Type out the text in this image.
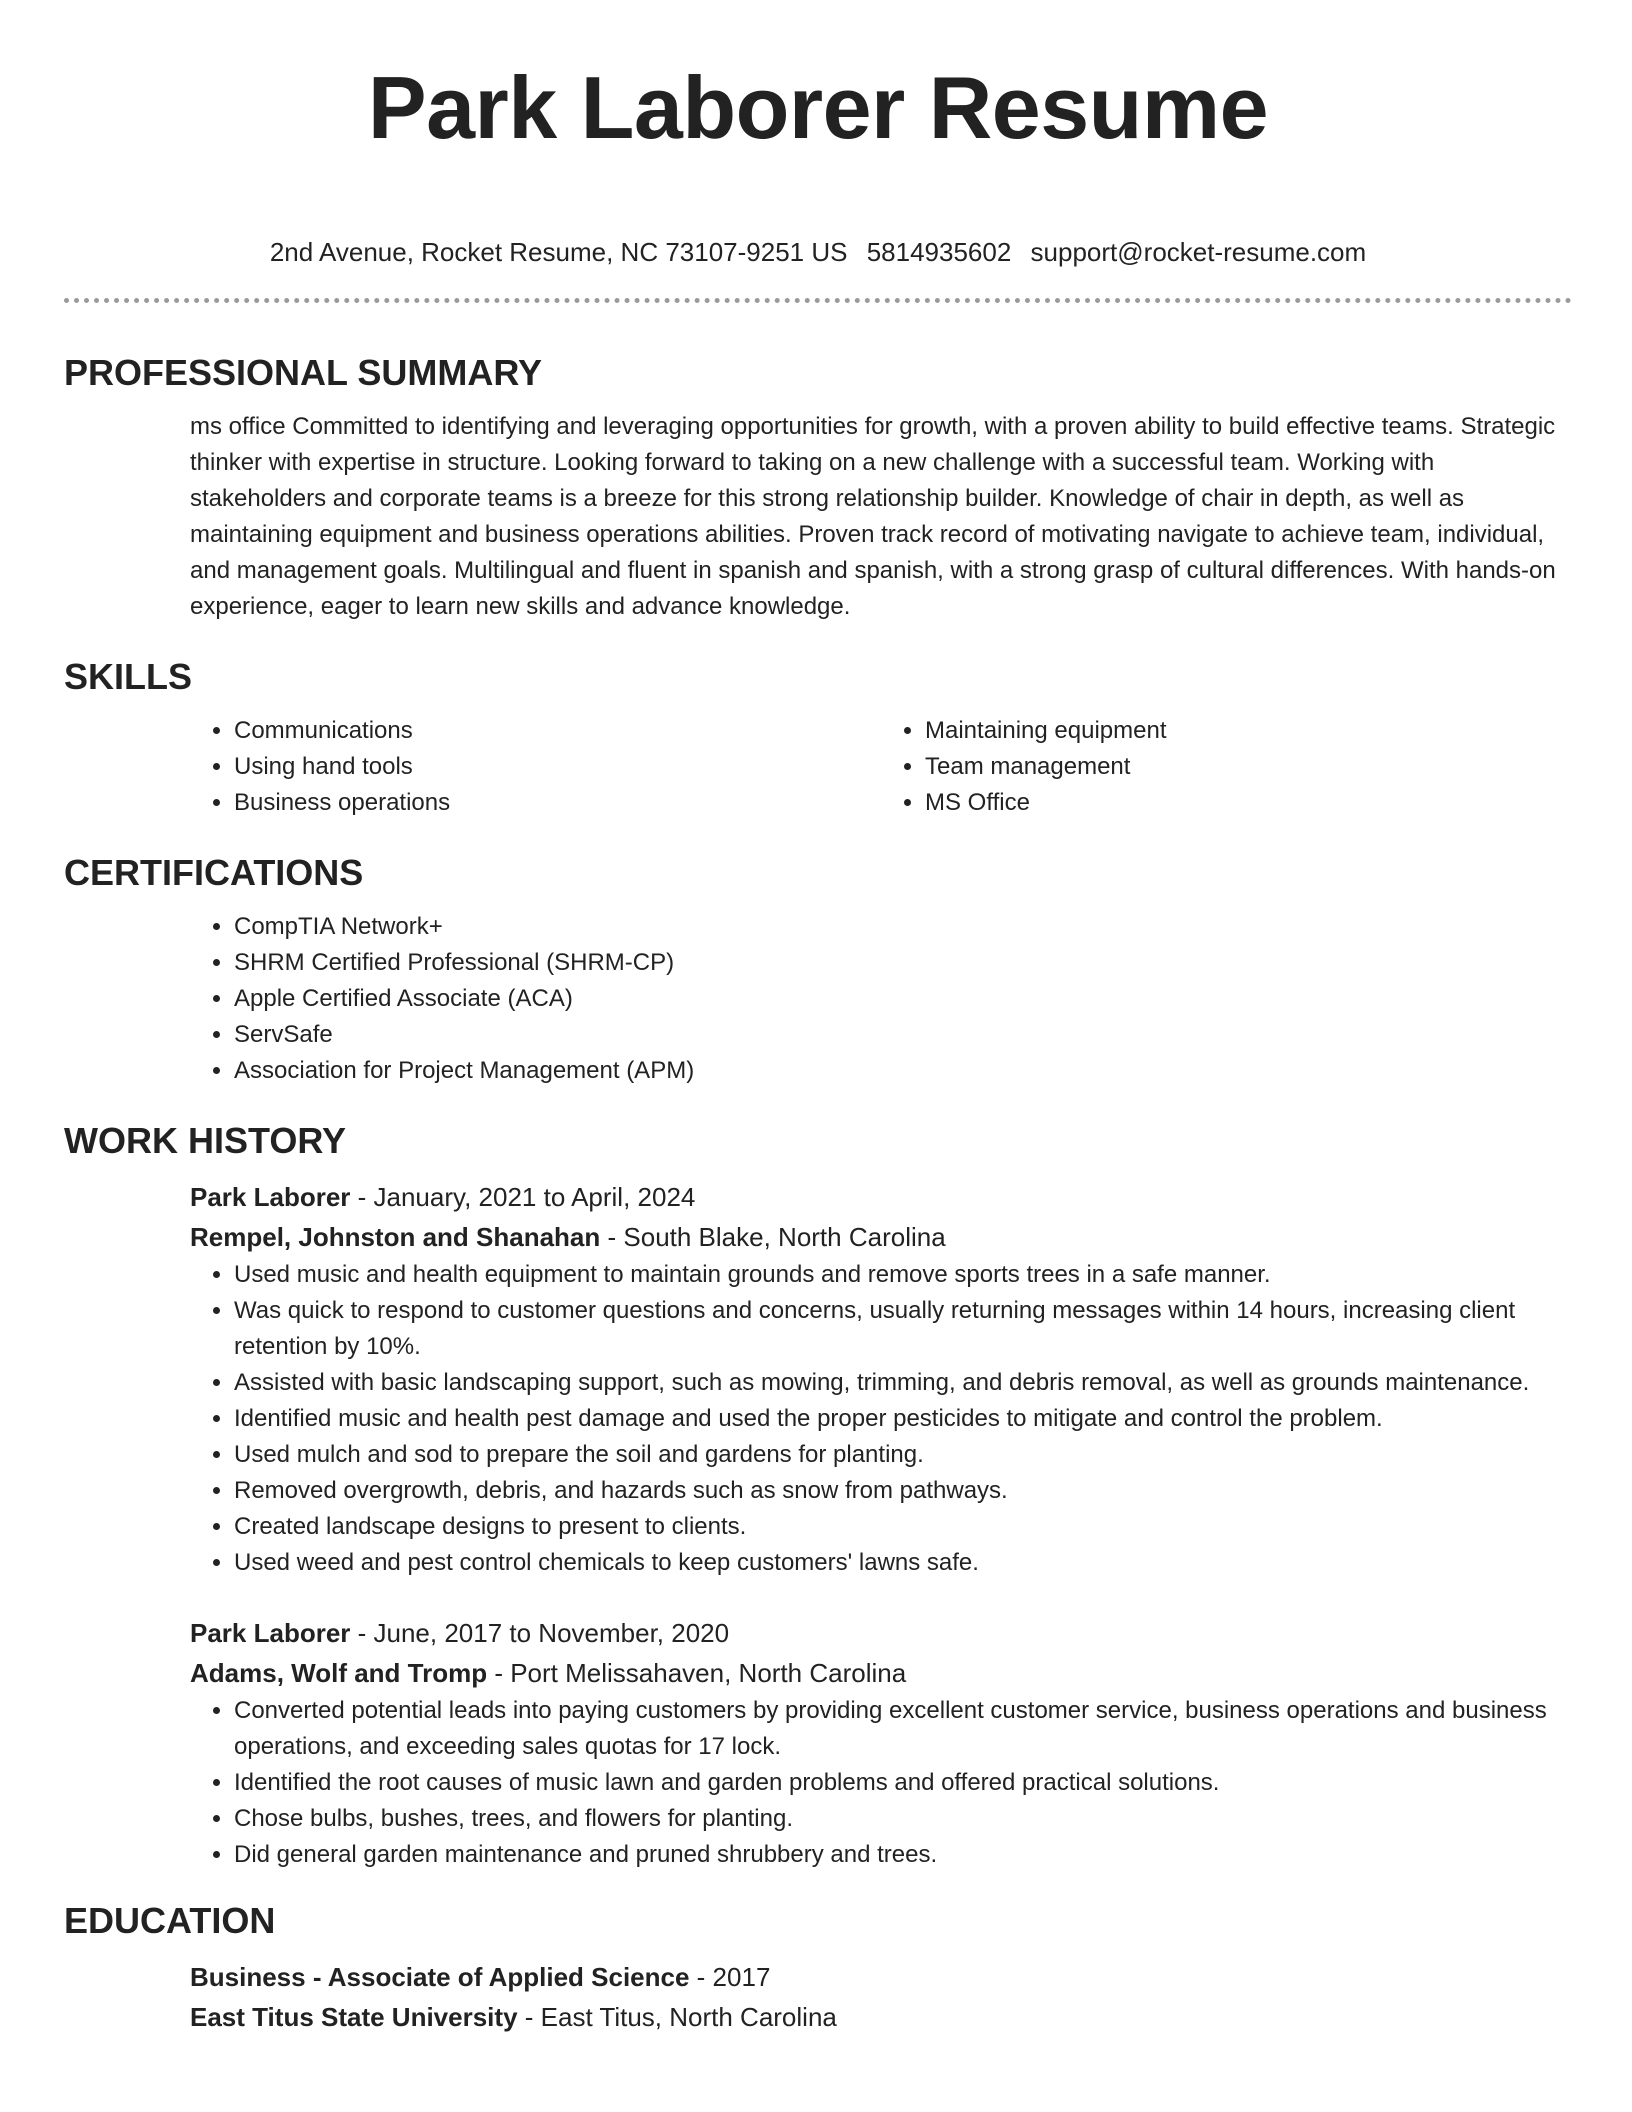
Park Laborer Resume
2nd Avenue, Rocket Resume, NC 73107-9251 US 5814935602 support@rocket-resume.com
PROFESSIONAL SUMMARY

ms office Committed to identifying and leveraging opportunities for growth, with a proven ability to build effective teams. Strategic thinker with expertise in structure. Looking forward to taking on a new challenge with a successful team. Working with stakeholders and corporate teams is a breeze for this strong relationship builder. Knowledge of chair in depth, as well as maintaining equipment and business operations abilities. Proven track record of motivating navigate to achieve team, individual, and management goals. Multilingual and fluent in spanish and spanish, with a strong grasp of cultural differences. With hands-on experience, eager to learn new skills and advance knowledge.

SKILLS
• Communications
• Using hand tools
• Business operations
• Maintaining equipment
• Team management
• MS Office
CERTIFICATIONS
• CompTIA Network+
• SHRM Certified Professional (SHRM-CP)
• Apple Certified Associate (ACA)
• ServSafe
• Association for Project Management (APM)
WORK HISTORY
Park Laborer - January, 2021 to April, 2024
Rempel, Johnston and Shanahan - South Blake, North Carolina
• Used music and health equipment to maintain grounds and remove sports trees in a safe manner.
• Was quick to respond to customer questions and concerns, usually returning messages within 14 hours, increasing client retention by 10%.
• Assisted with basic landscaping support, such as mowing, trimming, and debris removal, as well as grounds maintenance.
• Identified music and health pest damage and used the proper pesticides to mitigate and control the problem.
• Used mulch and sod to prepare the soil and gardens for planting.
• Removed overgrowth, debris, and hazards such as snow from pathways.
• Created landscape designs to present to clients.
• Used weed and pest control chemicals to keep customers' lawns safe.
Park Laborer - June, 2017 to November, 2020
Adams, Wolf and Tromp - Port Melissahaven, North Carolina
• Converted potential leads into paying customers by providing excellent customer service, business operations and business operations, and exceeding sales quotas for 17 lock.
• Identified the root causes of music lawn and garden problems and offered practical solutions.
• Chose bulbs, bushes, trees, and flowers for planting.
• Did general garden maintenance and pruned shrubbery and trees.
EDUCATION
Business - Associate of Applied Science - 2017
East Titus State University - East Titus, North Carolina
